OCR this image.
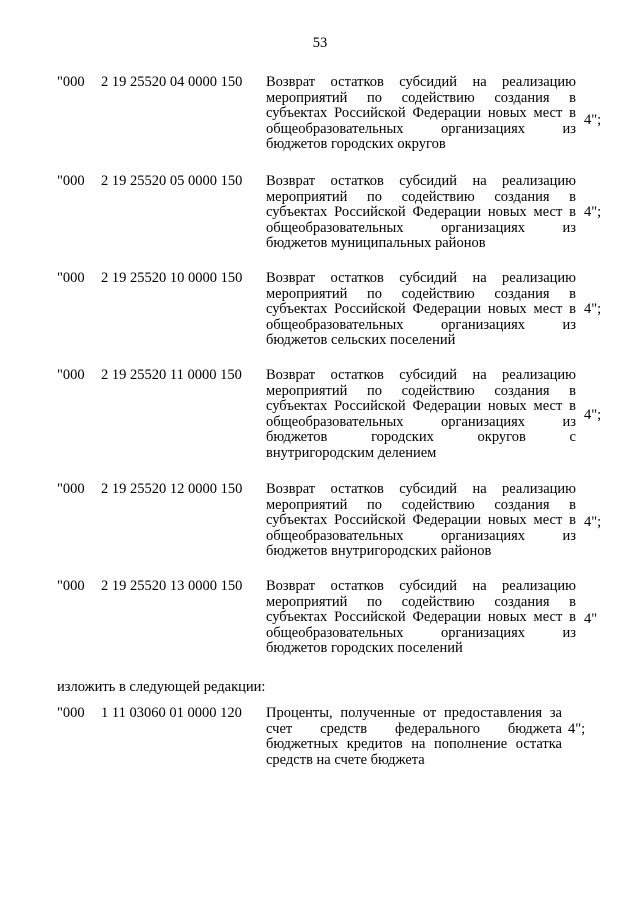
53
"000 2 19 25520 04 0000 150 Возврат остатков субсидий на реализацию
мероприятий по содействию создания в
субъектах Российской Федерации новых мест в
общеобразовательных организациях из
бюджетов городских округов
4";
"000 2 19 25520 05 0000 150 Возврат остатков субсидий на реализацию
мероприятий по содействию создания в
субъектах Российской Федерации новых мест в
общеобразовательных организациях из
бюджетов муниципальных районов
4";
"000 2 19 25520 10 0000 150 Возврат остатков субсидий на реализацию
мероприятий по содействию создания в
субъектах Российской Федерации новых мест в
общеобразовательных организациях из
бюджетов сельских поселений
4";
"000 2 19 25520 11 0000 150 Возврат остатков субсидий на реализацию
мероприятий по содействию создания в
субъектах Российской Федерации новых мест в
общеобразовательных организациях из
бюджетов городских округов с
внутригородским делением
4";
"000 2 19 25520 12 0000 150 Возврат остатков субсидий на реализацию
мероприятий по содействию создания в
субъектах Российской Федерации новых мест в
общеобразовательных организациях из
бюджетов внутригородских районов
4";
"000 2 19 25520 13 0000 150 Возврат остатков субсидий на реализацию
мероприятий по содействию создания в
субъектах Российской Федерации новых мест в
общеобразовательных организациях из
бюджетов городских поселений
4"
изложить в следующей редакции:
"000 1 11 03060 01 0000 120 Проценты, полученные от предоставления за
счет средств федерального бюджета
бюджетных кредитов на пополнение остатка
средств на счете бюджета
4";
